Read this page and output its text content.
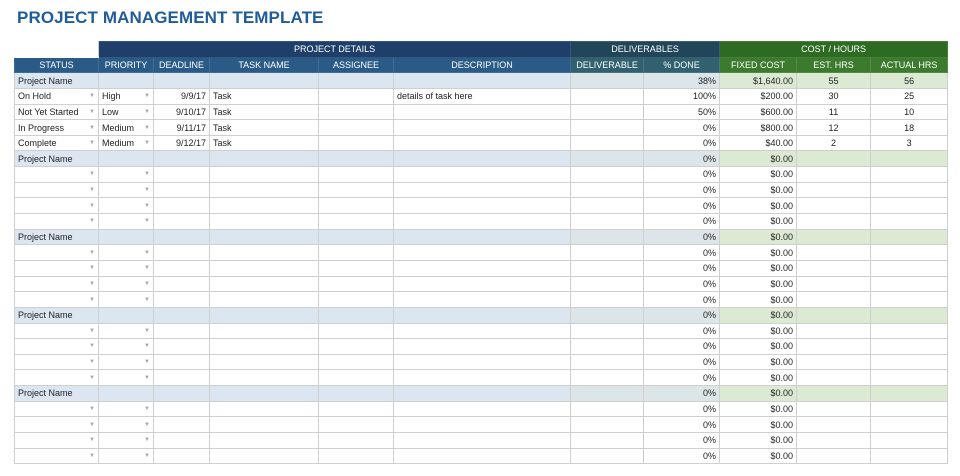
PROJECT MANAGEMENT TEMPLATE
	PROJECT DETAILS					DELIVERABLES		COST / HOURS		
STATUS	PRIORITY	DEADLINE	TASK NAME	ASSIGNEE	DESCRIPTION	DELIVERABLE	% DONE	FIXED COST	EST. HRS	ACTUAL HRS
Project Name							38%	$1,640.00	55	56
On Hold ▼	High ▼	9/9/17	Task		details of task here		100%	$200.00	30	25
Not Yet Started ▼	Low ▼	9/10/17	Task				50%	$600.00	11	10
In Progress ▼	Medium ▼	9/11/17	Task				0%	$800.00	12	18
Complete ▼	Medium ▼	9/12/17	Task				0%	$40.00	2	3
Project Name							0%	$0.00		

▼	▼						0%	$0.00		

▼	▼						0%	$0.00		

▼	▼						0%	$0.00		

▼	▼						0%	$0.00		
Project Name							0%	$0.00		

▼	▼						0%	$0.00		

▼	▼						0%	$0.00		

▼	▼						0%	$0.00		

▼	▼						0%	$0.00		
Project Name							0%	$0.00		

▼	▼						0%	$0.00		

▼	▼						0%	$0.00		

▼	▼						0%	$0.00		

▼	▼						0%	$0.00		
Project Name							0%	$0.00		

▼	▼						0%	$0.00		

▼	▼						0%	$0.00		

▼	▼						0%	$0.00		

▼	▼						0%	$0.00		
